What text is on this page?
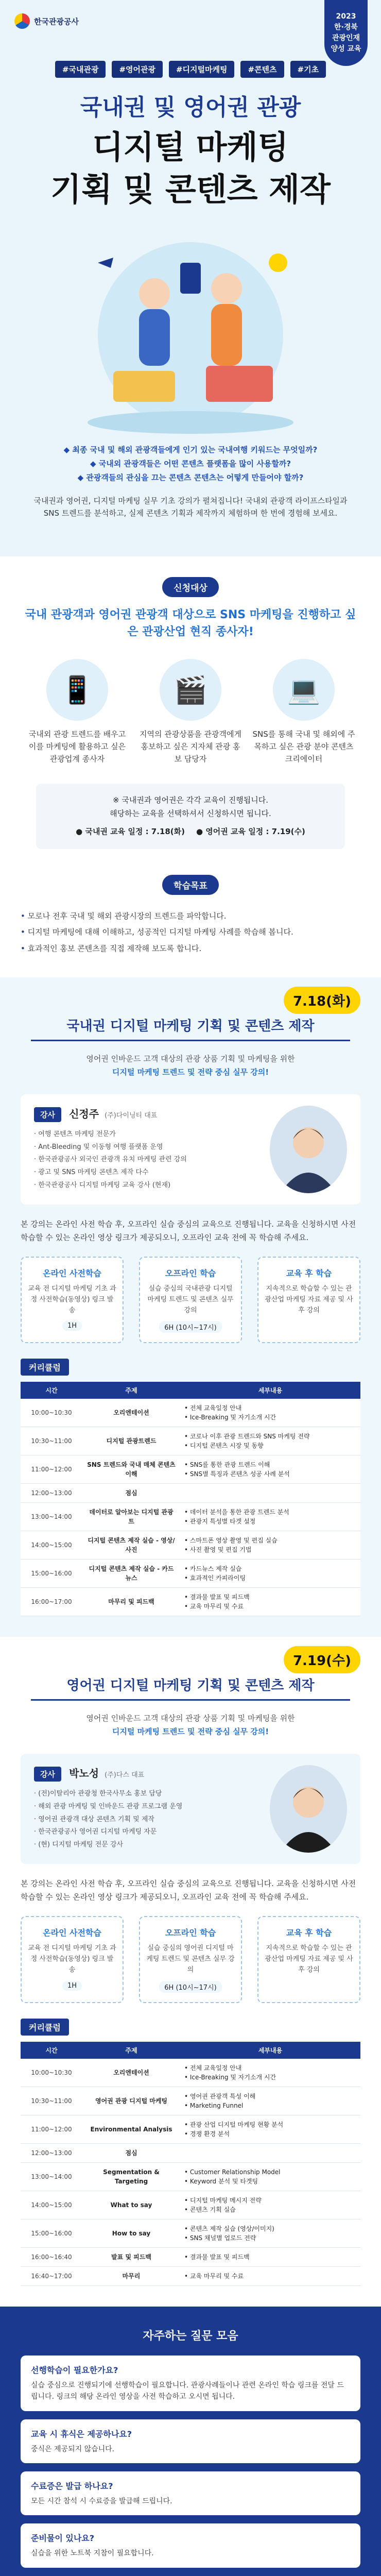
한국관광공사
2023
한·경북
관광인재
양성 교육
#국내관광	#영어관광	#디지털마케팅	#콘텐츠	#기초
국내권 및 영어권 관광
디지털 마케팅
기획 및 콘텐츠 제작
◆ 최종 국내 및 해외 관광객들에게 인기 있는 국내여행 키워드는 무엇일까?
◆ 국내외 관광객들은 어떤 콘텐츠 플랫폼을 많이 사용할까?
◆ 관광객들의 관심을 끄는 콘텐츠 콘텐츠는 어떻게 만들어야 할까?
국내권과 영어권, 디지털 마케팅 실무 기초 강의가 펼쳐집니다! 국내외 관광객 라이프스타일과 SNS 트렌드를 분석하고, 실제 콘텐츠 기획과 제작까지 체험하며 한 번에 경험해 보세요.
신청대상
국내 관광객과 영어권 관광객 대상으로 SNS 마케팅을 진행하고 싶은 관광산업 현직 종사자!
📱

국내외 관광 트렌드를 배우고 이를 마케팅에 활용하고 싶은 관광업계 종사자

🎬

지역의 관광상품을 관광객에게 홍보하고 싶은 지자체 관광 홍보 담당자

💻

SNS를 통해 국내 및 해외에 주목하고 싶은 관광 분야 콘텐츠 크리에이터

※ 국내권과 영어권은 각각 교육이 진행됩니다.
해당하는 교육을 선택하셔서 신청하시면 됩니다.
● 국내권 교육 일정 : 7.18(화) ● 영어권 교육 일정 : 7.19(수)
학습목표
• 모로나 전후 국내 및 해외 관광시장의 트렌드를 파악합니다.
• 디지털 마케팅에 대해 이해하고, 성공적인 디지털 마케팅 사례를 학습해 봅니다.
• 효과적인 홍보 콘텐츠를 직접 제작해 보도록 합니다.
7.18(화)
국내권 디지털 마케팅 기획 및 콘텐츠 제작
영어권 인바운드 고객 대상의 관광 상품 기획 및 마케팅을 위한
디지털 마케팅 트렌드 및 전략 중심 실무 강의!
강사 신정주 (주)다이닝티 대표
· 여행 콘텐츠 마케팅 전문가
· Ant-Bleeding 및 이동형 여행 플랫폼 운영
· 한국관광공사 외국인 관광객 유치 마케팅 관련 강의
· 광고 및 SNS 마케팅 콘텐츠 제작 다수
· 한국관광공사 디지털 마케팅 교육 강사 (현재)
본 강의는 온라인 사전 학습 후, 오프라인 실습 중심의 교육으로 진행됩니다. 교육을 신청하시면 사전 학습할 수 있는 온라인 영상 링크가 제공되오니, 오프라인 교육 전에 꼭 학습해 주세요.
온라인 사전학습

교육 전 디지털 마케팅 기초 과정 사전학습(동영상) 링크 발송

1H
오프라인 학습

실습 중심의 국내관광 디지털 마케팅 트렌드 및 콘텐츠 실무 강의

6H (10시~17시)
교육 후 학습

지속적으로 학습할 수 있는 관광산업 마케팅 자료 제공 및 사후 강의

커리큘럼
시간	주제	세부내용
10:00~10:30	오리엔테이션	• 전체 교육일정 안내
• Ice-Breaking 및 자기소개 시간
10:30~11:00	디지털 관광트렌드	• 코로나 이후 관광 트렌드와 SNS 마케팅 전략
• 디지털 콘텐츠 시장 및 동향
11:00~12:00	SNS 트렌드와 국내 매체 콘텐츠 이해	• SNS를 통한 관광 트렌드 이해
• SNS별 특징과 콘텐츠 성공 사례 분석
12:00~13:00	점심	
13:00~14:00	데이터로 알아보는 디지털 관광트	• 데이터 분석을 통한 관광 트렌드 분석
• 관광지 특성별 타겟 설정
14:00~15:00	디지털 콘텐츠 제작 실습 - 영상/사진	• 스마트폰 영상 촬영 및 편집 실습
• 사진 촬영 및 편집 기법
15:00~16:00	디지털 콘텐츠 제작 실습 - 카드뉴스	• 카드뉴스 제작 실습
• 효과적인 카피라이팅
16:00~17:00	마무리 및 피드백	• 결과물 발표 및 피드백
• 교육 마무리 및 수료
7.19(수)
영어권 디지털 마케팅 기획 및 콘텐츠 제작
영어권 인바운드 고객 대상의 관광 상품 기획 및 마케팅을 위한
디지털 마케팅 트렌드 및 전략 중심 실무 강의!
강사 박노성 (주)다스 대표
· (전)이탈리아 관광청 한국사무소 홍보 담당
· 해외 관광 마케팅 및 인바운드 관광 프로그램 운영
· 영어권 관광객 대상 콘텐츠 기획 및 제작
· 한국관광공사 영어권 디지털 마케팅 자문
· (현) 디지털 마케팅 전문 강사
본 강의는 온라인 사전 학습 후, 오프라인 실습 중심의 교육으로 진행됩니다. 교육을 신청하시면 사전 학습할 수 있는 온라인 영상 링크가 제공되오니, 오프라인 교육 전에 꼭 학습해 주세요.
온라인 사전학습

교육 전 디지털 마케팅 기초 과정 사전학습(동영상) 링크 발송

1H
오프라인 학습

실습 중심의 영어권 디지털 마케팅 트렌드 및 콘텐츠 실무 강의

6H (10시~17시)
교육 후 학습

지속적으로 학습할 수 있는 관광산업 마케팅 자료 제공 및 사후 강의

커리큘럼
시간	주제	세부내용
10:00~10:30	오리엔테이션	• 전체 교육일정 안내
• Ice-Breaking 및 자기소개 시간
10:30~11:00	영어권 관광 디지털 마케팅	• 영어권 관광객 특성 이해
• Marketing Funnel
11:00~12:00	Environmental Analysis	• 관광 산업 디지털 마케팅 현황 분석
• 경쟁 환경 분석
12:00~13:00	점심	
13:00~14:00	Segmentation & Targeting	• Customer Relationship Model
• Keyword 분석 및 타겟팅
14:00~15:00	What to say	• 디지털 마케팅 메시지 전략
• 콘텐츠 기획 실습
15:00~16:00	How to say	• 콘텐츠 제작 실습 (영상/이미지)
• SNS 채널별 업로드 전략
16:00~16:40	발표 및 피드백	• 결과물 발표 및 피드백
16:40~17:00	마무리	• 교육 마무리 및 수료
자주하는 질문 모음
선행학습이 필요한가요?
실습 중심으로 진행되기에 선행학습이 필요합니다. 관광사례들이나 관련 온라인 학습 링크를 전달 드립니다. 링크의 해당 온라인 영상을 사전 학습하고 오시면 됩니다.
교육 시 휴식은 제공하나요?
중식은 제공되지 않습니다.
수료증은 발급 하나요?
모든 시간 참석 시 수료증을 발급해 드립니다.
준비물이 있나요?
실습을 위한 노트북 지참이 필요합니다.
